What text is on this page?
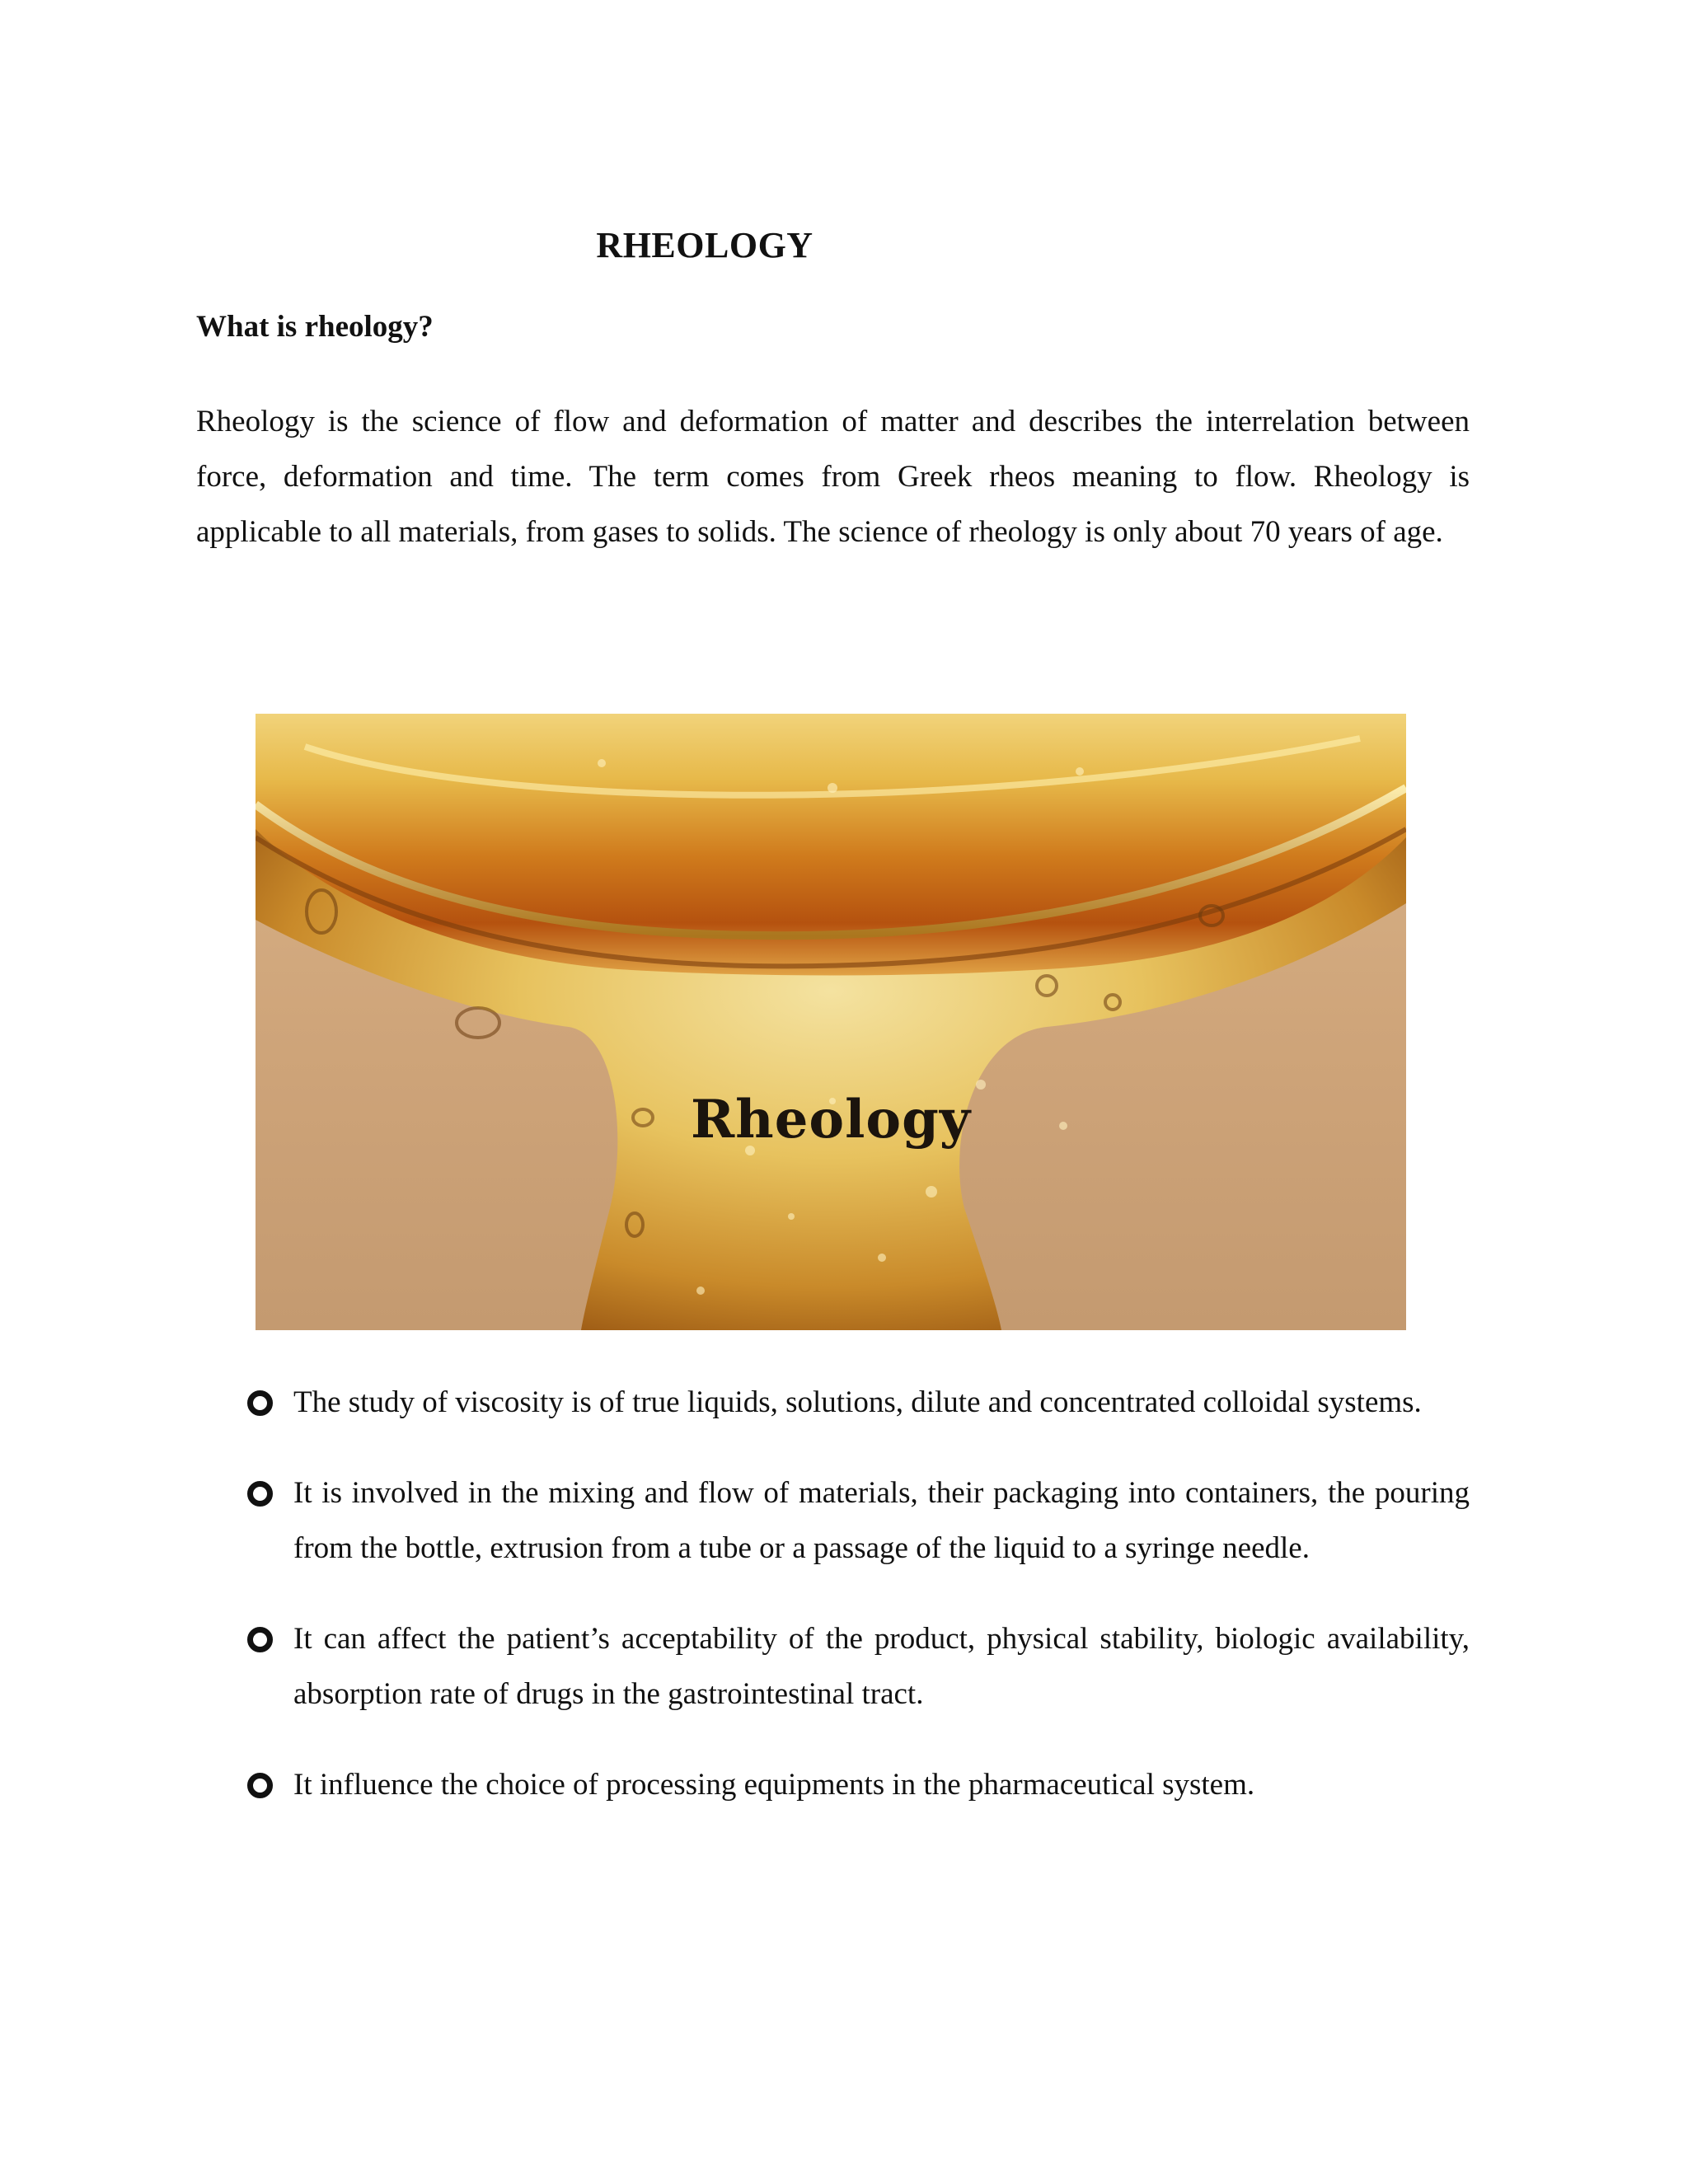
RHEOLOGY
What is rheology?

Rheology is the science of flow and deformation of matter and describes the interrelation between force, deformation and time. The term comes from Greek rheos meaning to flow. Rheology is applicable to all materials, from gases to solids. The science of rheology is only about 70 years of age.

Rheology
The study of viscosity is of true liquids, solutions, dilute and concentrated colloidal systems.
It is involved in the mixing and flow of materials, their packaging into containers, the pouring from the bottle, extrusion from a tube or a passage of the liquid to a syringe needle.
It can affect the patient’s acceptability of the product, physical stability, biologic availability, absorption rate of drugs in the gastrointestinal tract.
It influence the choice of processing equipments in the pharmaceutical system.
